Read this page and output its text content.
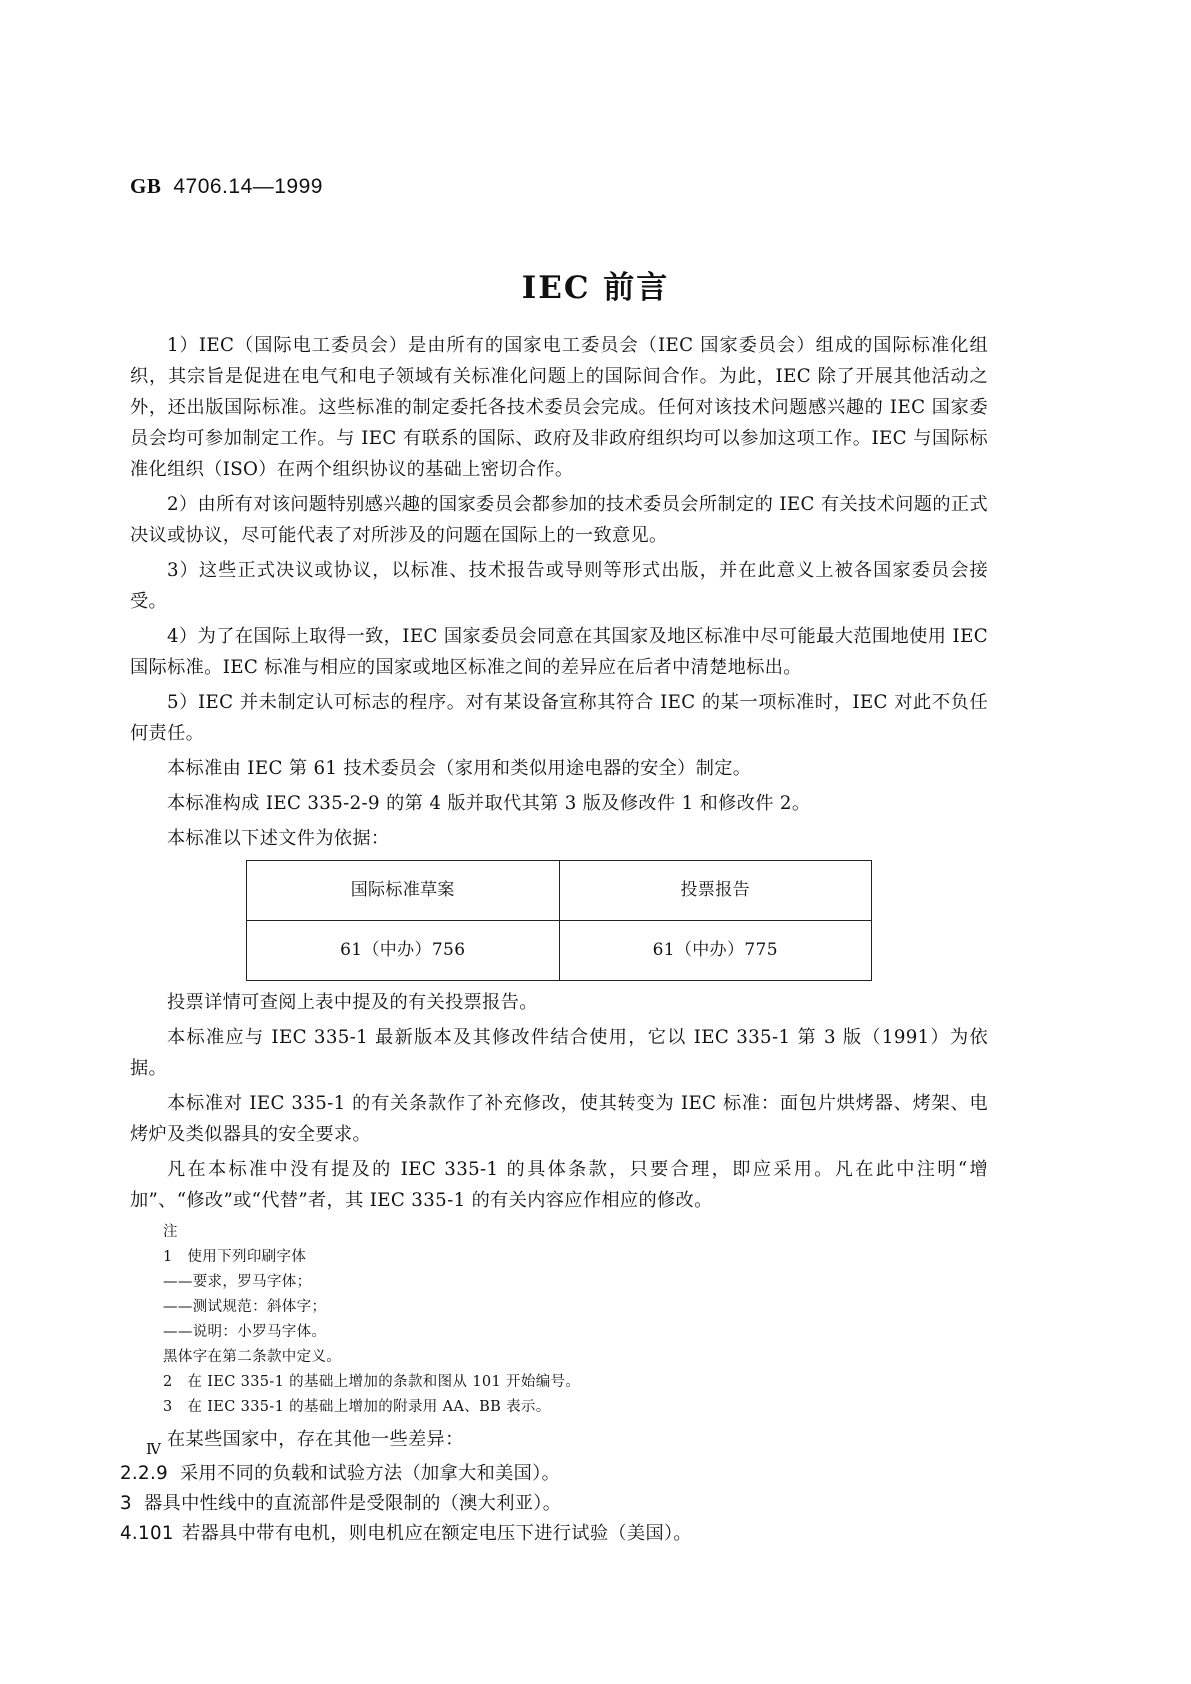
GB 4706.14—1999
IEC 前言

1）IEC（国际电工委员会）是由所有的国家电工委员会（IEC 国家委员会）组成的国际标准化组织，其宗旨是促进在电气和电子领域有关标准化问题上的国际间合作。为此，IEC 除了开展其他活动之外，还出版国际标准。这些标准的制定委托各技术委员会完成。任何对该技术问题感兴趣的 IEC 国家委员会均可参加制定工作。与 IEC 有联系的国际、政府及非政府组织均可以参加这项工作。IEC 与国际标准化组织（ISO）在两个组织协议的基础上密切合作。

2）由所有对该问题特别感兴趣的国家委员会都参加的技术委员会所制定的 IEC 有关技术问题的正式决议或协议，尽可能代表了对所涉及的问题在国际上的一致意见。

3）这些正式决议或协议，以标准、技术报告或导则等形式出版，并在此意义上被各国家委员会接受。

4）为了在国际上取得一致，IEC 国家委员会同意在其国家及地区标准中尽可能最大范围地使用 IEC 国际标准。IEC 标准与相应的国家或地区标准之间的差异应在后者中清楚地标出。

5）IEC 并未制定认可标志的程序。对有某设备宣称其符合 IEC 的某一项标准时，IEC 对此不负任何责任。

本标准由 IEC 第 61 技术委员会（家用和类似用途电器的安全）制定。

本标准构成 IEC 335-2-9 的第 4 版并取代其第 3 版及修改件 1 和修改件 2。

本标准以下述文件为依据：

国际标准草案	投票报告
61（中办）756	61（中办）775

投票详情可查阅上表中提及的有关投票报告。

本标准应与 IEC 335-1 最新版本及其修改件结合使用，它以 IEC 335-1 第 3 版（1991）为依据。

本标准对 IEC 335-1 的有关条款作了补充修改，使其转变为 IEC 标准：面包片烘烤器、烤架、电烤炉及类似器具的安全要求。

凡在本标准中没有提及的 IEC 335-1 的具体条款，只要合理，即应采用。凡在此中注明“增加”、“修改”或“代替”者，其 IEC 335-1 的有关内容应作相应的修改。

注
1　使用下列印刷字体
——要求，罗马字体；
——测试规范：斜体字；
——说明：小罗马字体。
黑体字在第二条款中定义。
2　在 IEC 335-1 的基础上增加的条款和图从 101 开始编号。
3　在 IEC 335-1 的基础上增加的附录用 AA、BB 表示。

在某些国家中，存在其他一些差异：

2.2.9 采用不同的负载和试验方法（加拿大和美国）。
3 器具中性线中的直流部件是受限制的（澳大利亚）。
4.101 若器具中带有电机，则电机应在额定电压下进行试验（美国）。
Ⅳ
